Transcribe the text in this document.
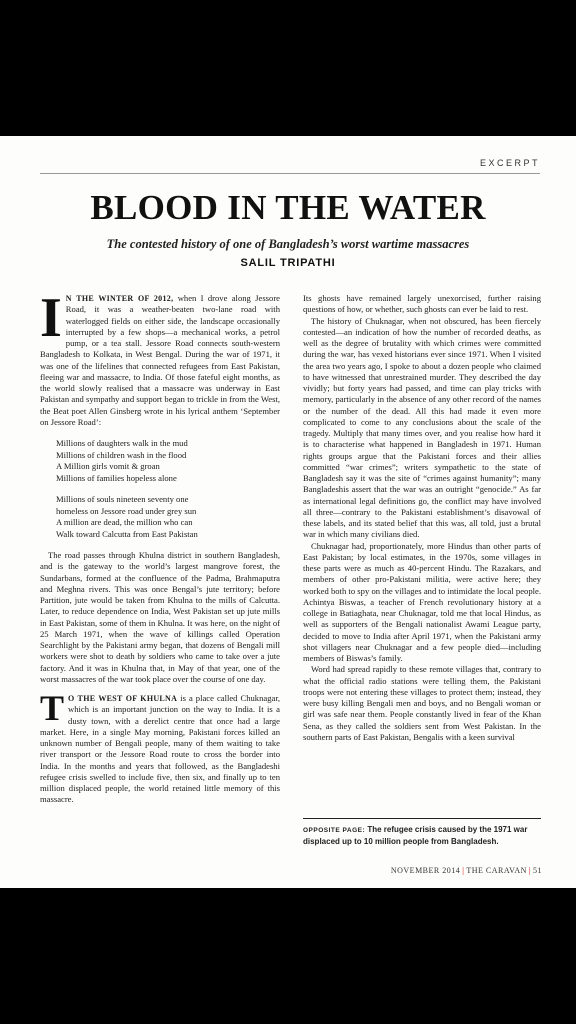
EXCERPT
BLOOD IN THE WATER
The contested history of one of Bangladesh’s worst wartime massacres
SALIL TRIPATHI

I N THE WINTER OF 2012, when I drove along Jessore Road, it was a weather-beaten two-lane road with waterlogged fields on either side, the landscape occasionally interrupted by a few shops—a mechanical works, a petrol pump, or a tea stall. Jessore Road connects south-western Bangladesh to Kolkata, in West Bengal. During the war of 1971, it was one of the lifelines that connected refugees from East Pakistan, fleeing war and massacre, to India. Of those fateful eight months, as the world slowly realised that a massacre was underway in East Pakistan and sympathy and support began to trickle in from the West, the Beat poet Allen Ginsberg wrote in his lyrical anthem ‘September on Jessore Road’:

Millions of daughters walk in the mud
Millions of children wash in the flood
A Million girls vomit & groan
Millions of families hopeless alone
Millions of souls nineteen seventy one
homeless on Jessore road under grey sun
A million are dead, the million who can
Walk toward Calcutta from East Pakistan

The road passes through Khulna district in southern Bangladesh, and is the gateway to the world’s largest mangrove forest, the Sundarbans, formed at the confluence of the Padma, Brahmaputra and Meghna rivers. This was once Bengal’s jute territory; before Partition, jute would be taken from Khulna to the mills of Calcutta. Later, to reduce dependence on India, West Pakistan set up jute mills in East Pakistan, some of them in Khulna. It was here, on the night of 25 March 1971, when the wave of killings called Operation Searchlight by the Pakistani army began, that dozens of Bengali mill workers were shot to death by soldiers who came to take over a jute factory. And it was in Khulna that, in May of that year, one of the worst massacres of the war took place over the course of one day.

T O THE WEST OF KHULNA is a place called Chuknagar, which is an important junction on the way to India. It is a dusty town, with a derelict centre that once had a large market. Here, in a single May morning, Pakistani forces killed an unknown number of Bengali people, many of them waiting to take river transport or the Jessore Road route to cross the border into India. In the months and years that followed, as the Bangladeshi refugee crisis swelled to include five, then six, and finally up to ten million displaced people, the world retained little memory of this massacre.

Its ghosts have remained largely unexorcised, further raising questions of how, or whether, such ghosts can ever be laid to rest.

The history of Chuknagar, when not obscured, has been fiercely contested—an indication of how the number of recorded deaths, as well as the degree of brutality with which crimes were committed during the war, has vexed historians ever since 1971. When I visited the area two years ago, I spoke to about a dozen people who claimed to have witnessed that unrestrained murder. They described the day vividly; but forty years had passed, and time can play tricks with memory, particularly in the absence of any other record of the names or the number of the dead. All this had made it even more complicated to come to any conclusions about the scale of the tragedy. Multiply that many times over, and you realise how hard it is to characterise what happened in Bangladesh in 1971. Human rights groups argue that the Pakistani forces and their allies committed “war crimes”; writers sympathetic to the state of Bangladesh say it was the site of “crimes against humanity”; many Bangladeshis assert that the war was an outright “genocide.” As far as international legal definitions go, the conflict may have involved all three—contrary to the Pakistani establishment’s disavowal of these labels, and its stated belief that this was, all told, just a brutal war in which many civilians died.

Chuknagar had, proportionately, more Hindus than other parts of East Pakistan; by local estimates, in the 1970s, some villages in these parts were as much as 40-percent Hindu. The Razakars, and members of other pro-Pakistani militia, were active here; they worked both to spy on the villages and to intimidate the local people. Achintya Biswas, a teacher of French revolutionary history at a college in Batiaghata, near Chuknagar, told me that local Hindus, as well as supporters of the Bengali nationalist Awami League party, decided to move to India after April 1971, when the Pakistani army shot villagers near Chuknagar and a few people died—including members of Biswas’s family.

Word had spread rapidly to these remote villages that, contrary to what the official radio stations were telling them, the Pakistani troops were not entering these villages to protect them; instead, they were busy killing Bengali men and boys, and no Bengali woman or girl was safe near them. People constantly lived in fear of the Khan Sena, as they called the soldiers sent from West Pakistan. In the southern parts of East Pakistan, Bengalis with a keen survival

OPPOSITE PAGE: The refugee crisis caused by the 1971 war displaced up to 10 million people from Bangladesh.
NOVEMBER 2014 | THE CARAVAN | 51
